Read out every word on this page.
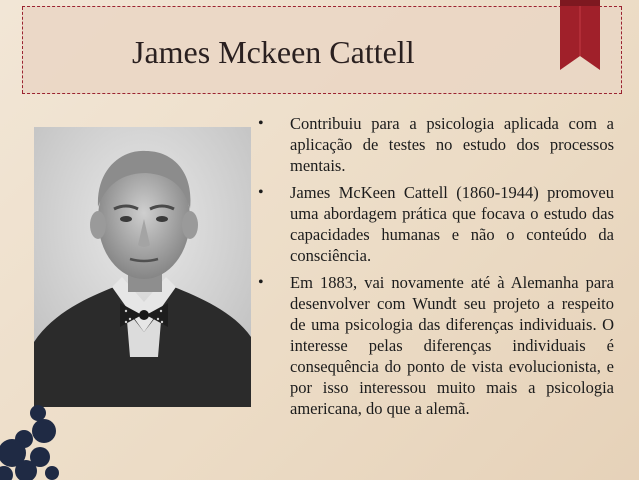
James Mckeen Cattell
• Contribuiu para a psicologia aplicada com a aplicação de testes no estudo dos processos mentais.
• James McKeen Cattell (1860-1944) promoveu uma abordagem prática que focava o estudo das capacidades humanas e não o conteúdo da consciência.
• Em 1883, vai novamente até à Alemanha para desenvolver com Wundt seu projeto a respeito de uma psicologia das diferenças individuais. O interesse pelas diferenças individuais é consequência do ponto de vista evolucionista, e por isso interessou muito mais a psicologia americana, do que a alemã.
